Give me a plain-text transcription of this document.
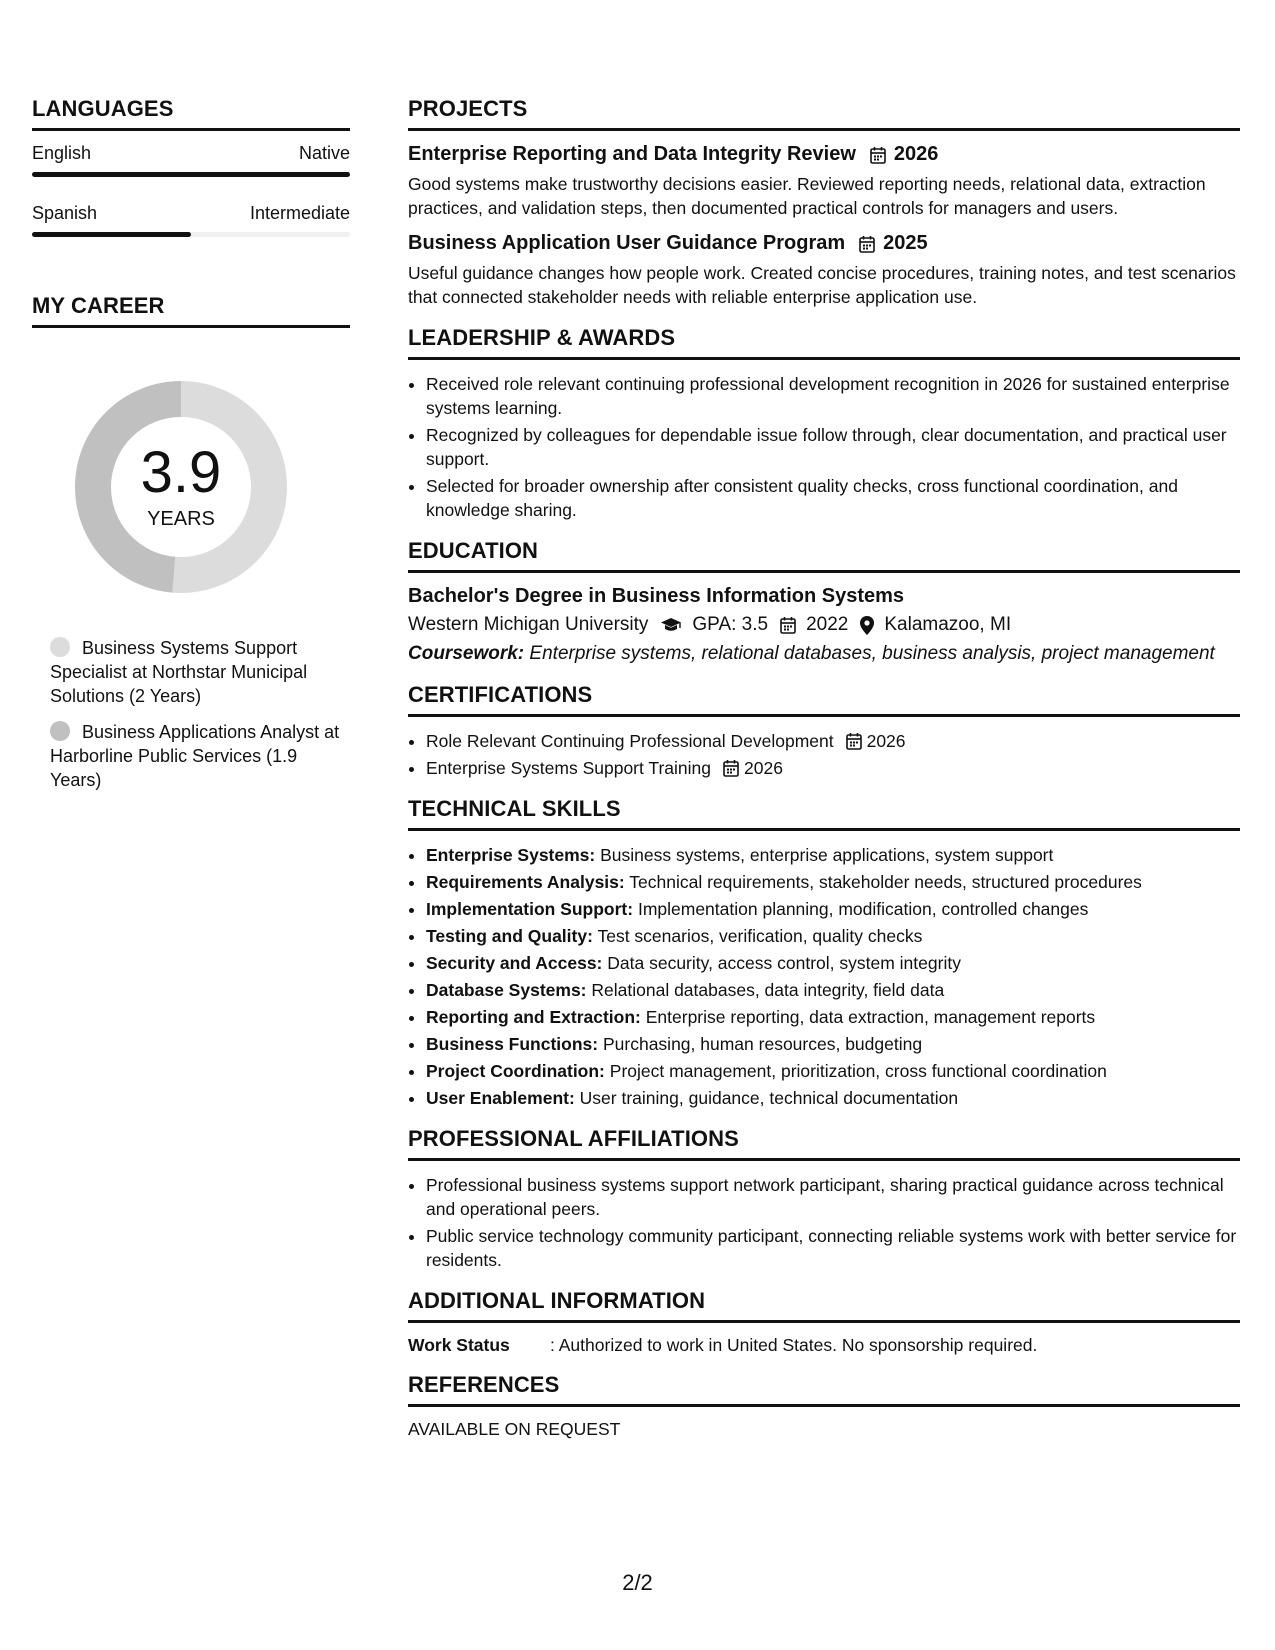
LANGUAGES
English	Native
Spanish	Intermediate
MY CAREER
3.9
YEARS
Business Systems Support Specialist at Northstar Municipal Solutions (2 Years)
Business Applications Analyst at Harborline Public Services (1.9 Years)
PROJECTS
Enterprise Reporting and Data Integrity Review 2026
Good systems make trustworthy decisions easier. Reviewed reporting needs, relational data, extraction practices, and validation steps, then documented practical controls for managers and users.
Business Application User Guidance Program 2025
Useful guidance changes how people work. Created concise procedures, training notes, and test scenarios that connected stakeholder needs with reliable enterprise application use.
LEADERSHIP & AWARDS
• Received role relevant continuing professional development recognition in 2026 for sustained enterprise systems learning.
• Recognized by colleagues for dependable issue follow through, clear documentation, and practical user support.
• Selected for broader ownership after consistent quality checks, cross functional coordination, and knowledge sharing.
EDUCATION
Bachelor's Degree in Business Information Systems
Western Michigan University GPA: 3.5 2022 Kalamazoo, MI
Coursework: Enterprise systems, relational databases, business analysis, project management
CERTIFICATIONS
• Role Relevant Continuing Professional Development 2026
• Enterprise Systems Support Training 2026
TECHNICAL SKILLS
• Enterprise Systems: Business systems, enterprise applications, system support
• Requirements Analysis: Technical requirements, stakeholder needs, structured procedures
• Implementation Support: Implementation planning, modification, controlled changes
• Testing and Quality: Test scenarios, verification, quality checks
• Security and Access: Data security, access control, system integrity
• Database Systems: Relational databases, data integrity, field data
• Reporting and Extraction: Enterprise reporting, data extraction, management reports
• Business Functions: Purchasing, human resources, budgeting
• Project Coordination: Project management, prioritization, cross functional coordination
• User Enablement: User training, guidance, technical documentation
PROFESSIONAL AFFILIATIONS
• Professional business systems support network participant, sharing practical guidance across technical and operational peers.
• Public service technology community participant, connecting reliable systems work with better service for residents.
ADDITIONAL INFORMATION
Work Status	: Authorized to work in United States. No sponsorship required.
REFERENCES
AVAILABLE ON REQUEST
2/2
